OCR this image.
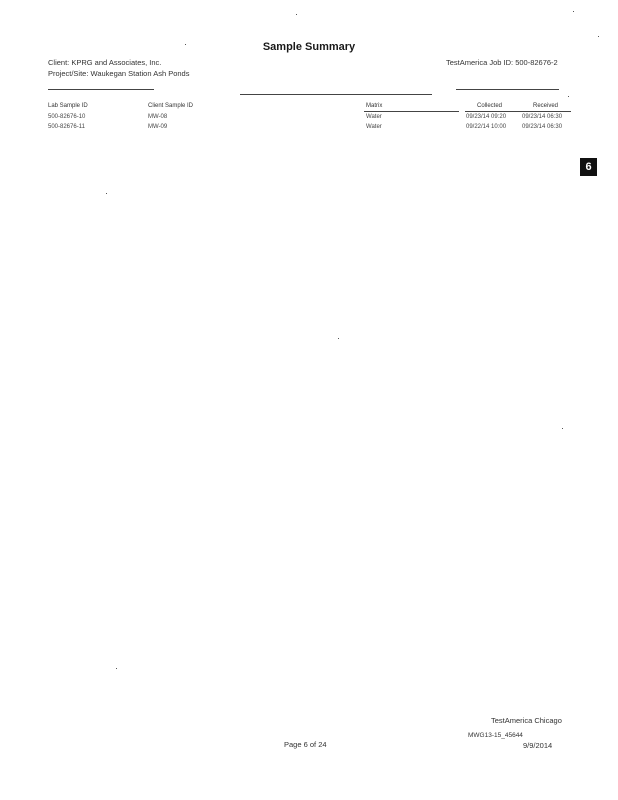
Sample Summary
Client: KPRG and Associates, Inc.
Project/Site: Waukegan Station Ash Ponds
TestAmerica Job ID: 500-82676-2
Lab Sample ID	Client Sample ID	Matrix	Collected	Received
500-82676-10	MW-08	Water	09/23/14 09:20	09/23/14 06:30
500-82676-11	MW-09	Water	09/22/14 10:00	09/23/14 06:30
6
TestAmerica Chicago
Page 6 of 24
MWG13-15_45644
9/9/2014
